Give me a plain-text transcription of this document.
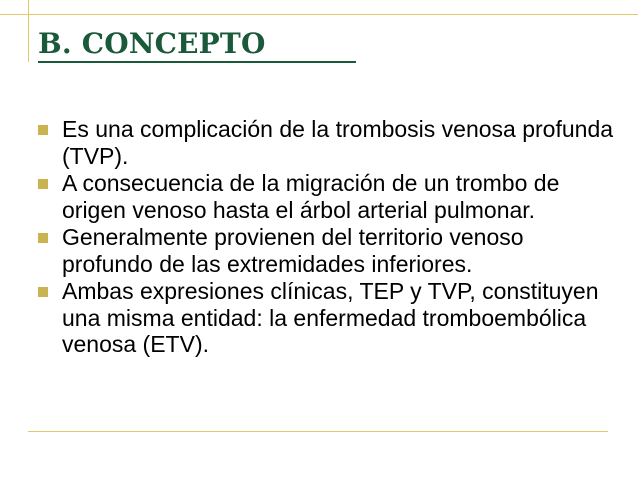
B. CONCEPTO
Es una complicación de la trombosis venosa profunda (TVP).
A consecuencia de la migración de un trombo de origen venoso hasta el árbol arterial pulmonar.
Generalmente provienen del territorio venoso profundo de las extremidades inferiores.
Ambas expresiones clínicas, TEP y TVP, constituyen una misma entidad: la enfermedad tromboembólica venosa (ETV).
